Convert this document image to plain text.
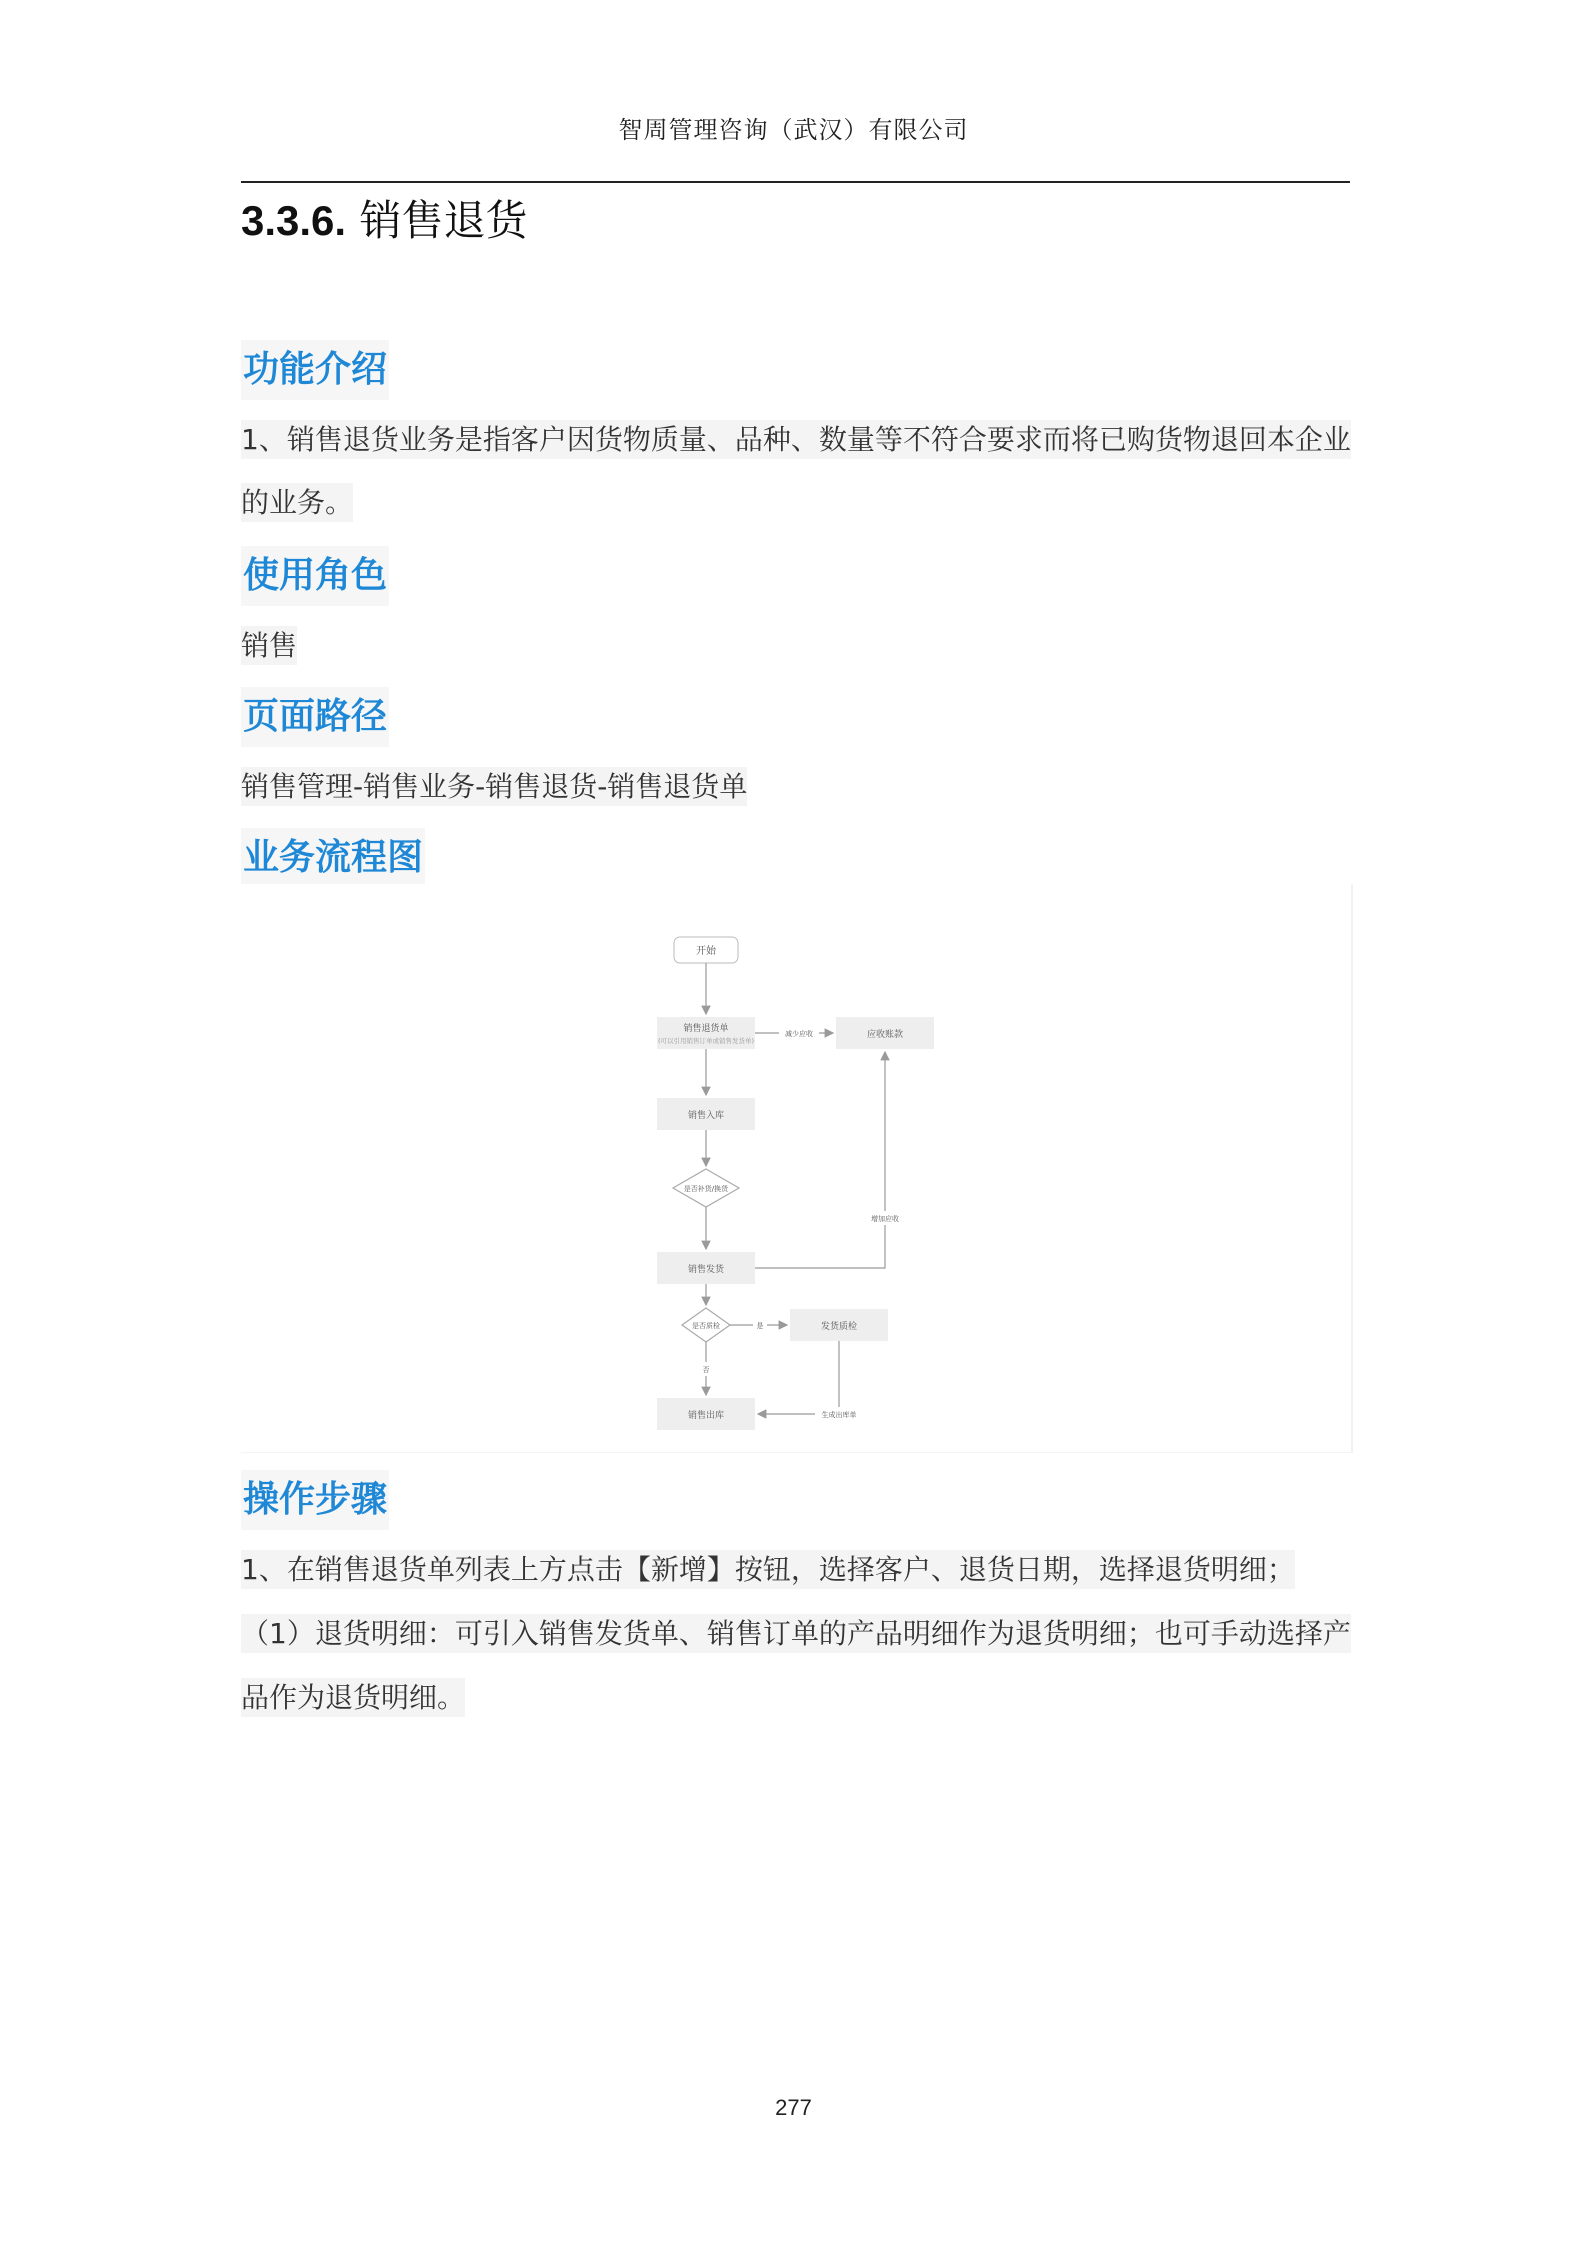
智周管理咨询（武汉）有限公司
3.3.6. 销售退货
功能介绍

1、销售退货业务是指客户因货物质量、品种、数量等不符合要求而将已购货物退回本企业

的业务。

使用角色

销售

页面路径

销售管理-销售业务-销售退货-销售退货单

业务流程图
开始
销售退货单
(可以引用销售订单或销售发货单)
减少应收	应收账款
销售入库
是否补货/换货
销售发货
增加应收
是否质检	是	发货质检
否
销售出库	生成出库单
操作步骤

1、在销售退货单列表上方点击【新增】按钮，选择客户、退货日期，选择退货明细；

（1）退货明细：可引入销售发货单、销售订单的产品明细作为退货明细；也可手动选择产

品作为退货明细。

277
